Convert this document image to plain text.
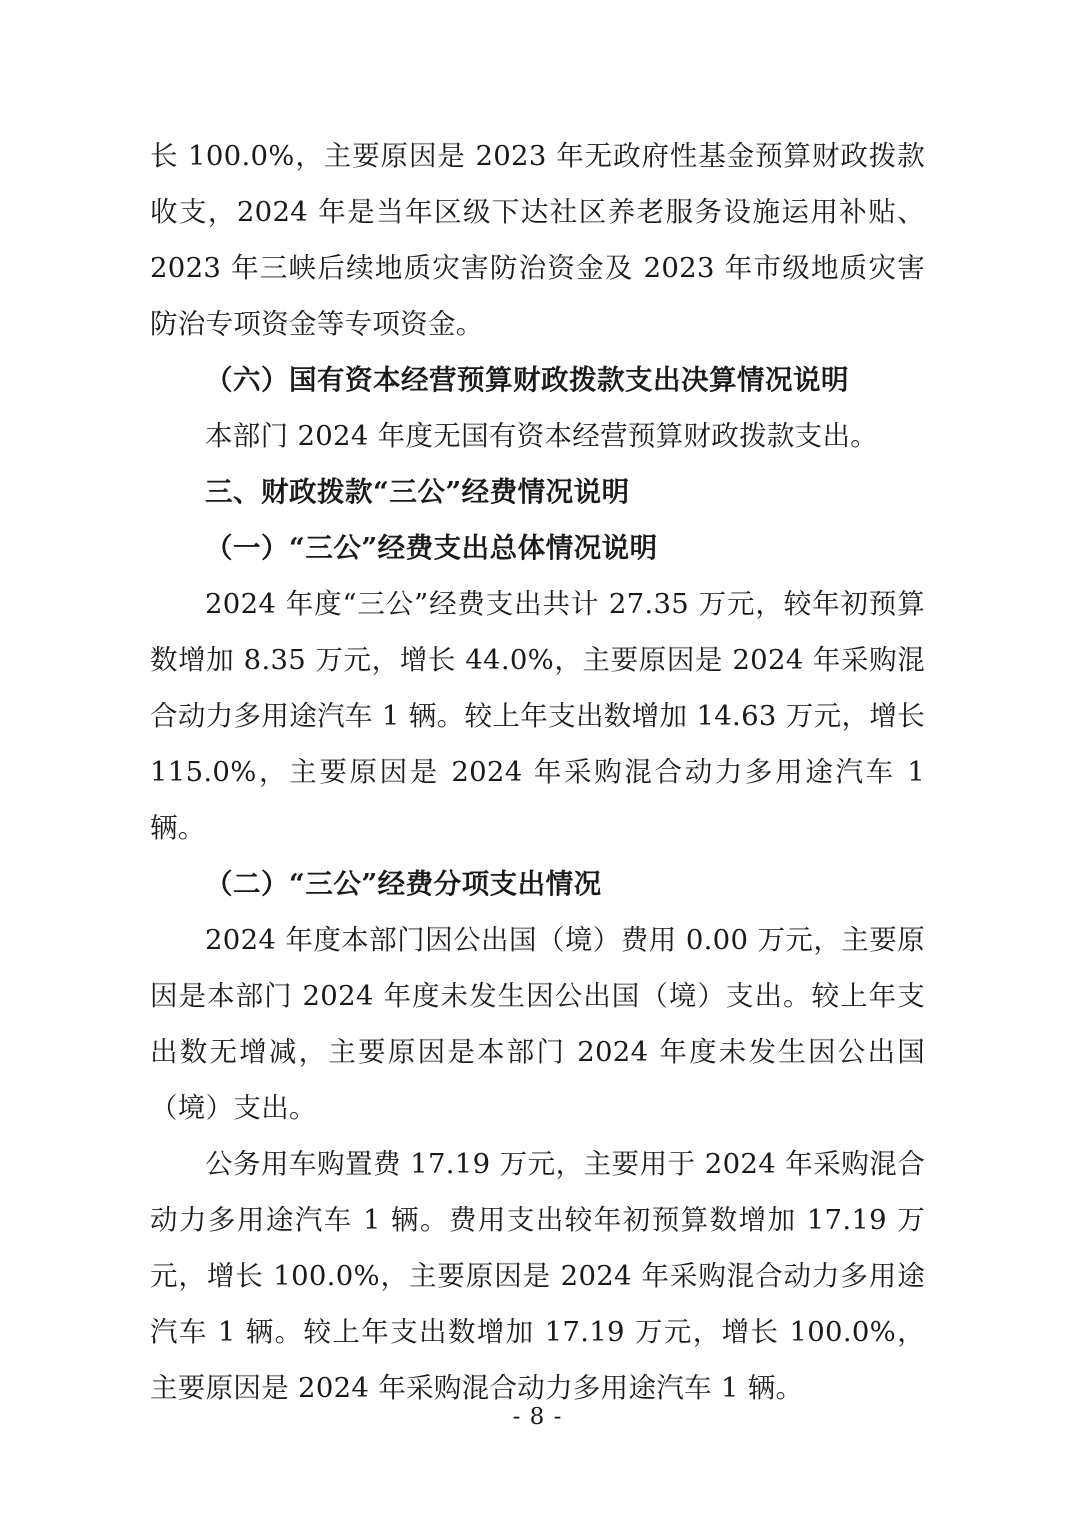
长 100.0%，主要原因是 2023 年无政府性基金预算财政拨款收支，2024 年是当年区级下达社区养老服务设施运用补贴、2023 年三峡后续地质灾害防治资金及 2023 年市级地质灾害防治专项资金等专项资金。

（六）国有资本经营预算财政拨款支出决算情况说明

本部门 2024 年度无国有资本经营预算财政拨款支出。

三、财政拨款“三公”经费情况说明

（一）“三公”经费支出总体情况说明

2024 年度“三公”经费支出共计 27.35 万元，较年初预算数增加 8.35 万元，增长 44.0%，主要原因是 2024 年采购混合动力多用途汽车 1 辆。较上年支出数增加 14.63 万元，增长 115.0%，主要原因是 2024 年采购混合动力多用途汽车 1 辆。

（二）“三公”经费分项支出情况

2024 年度本部门因公出国（境）费用 0.00 万元，主要原因是本部门 2024 年度未发生因公出国（境）支出。较上年支出数无增减，主要原因是本部门 2024 年度未发生因公出国（境）支出。

公务用车购置费 17.19 万元，主要用于 2024 年采购混合动力多用途汽车 1 辆。费用支出较年初预算数增加 17.19 万元，增长 100.0%，主要原因是 2024 年采购混合动力多用途汽车 1 辆。较上年支出数增加 17.19 万元，增长 100.0%，主要原因是 2024 年采购混合动力多用途汽车 1 辆。

- 8 -
